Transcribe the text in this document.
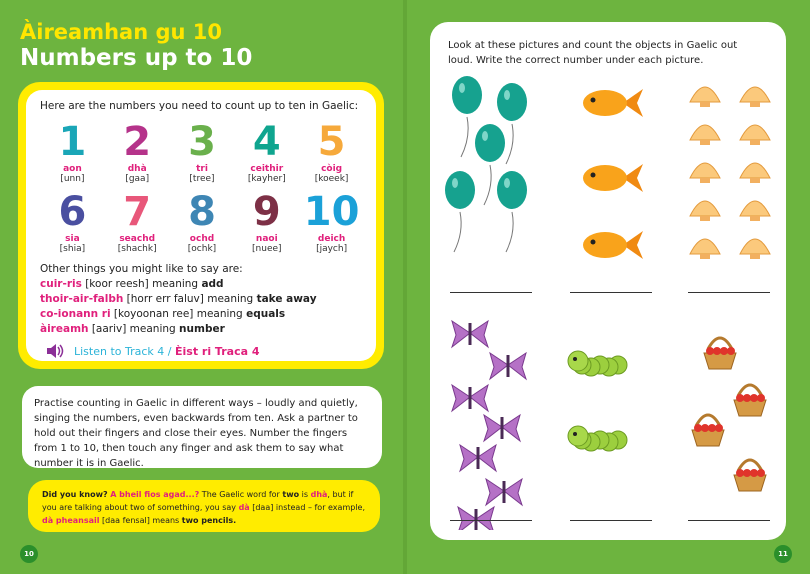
Àireamhan gu 10
Numbers up to 10
Here are the numbers you need to count up to ten in Gaelic:
1
aon
[unn]
2
dhà
[gaa]
3
tri
[tree]
4
ceithir
[kayher]
5
còig
[koeek]
6
sia
[shia]
7
seachd
[shachk]
8
ochd
[ochk]
9
naoi
[nuee]
10
deich
[jaych]
Other things you might like to say are:
cuir-ris [koor reesh] meaning add
thoir-air-falbh [horr err faluv] meaning take away
co-ionann ri [koyoonan ree] meaning equals
àireamh [aariv] meaning number
Listen to Track 4 / Èist ri Traca 4
Practise counting in Gaelic in different ways – loudly and quietly, singing the numbers, even backwards from ten. Ask a partner to hold out their fingers and close their eyes. Number the fingers from 1 to 10, then touch any finger and ask them to say what number it is in Gaelic.
Did you know? A bheil fios agad...? The Gaelic word for two is dhà, but if you are talking about two of something, you say dà [daa] instead – for example, dà pheansail [daa fensal] means two pencils.
10	11
Look at these pictures and count the objects in Gaelic out loud. Write the correct number under each picture.
